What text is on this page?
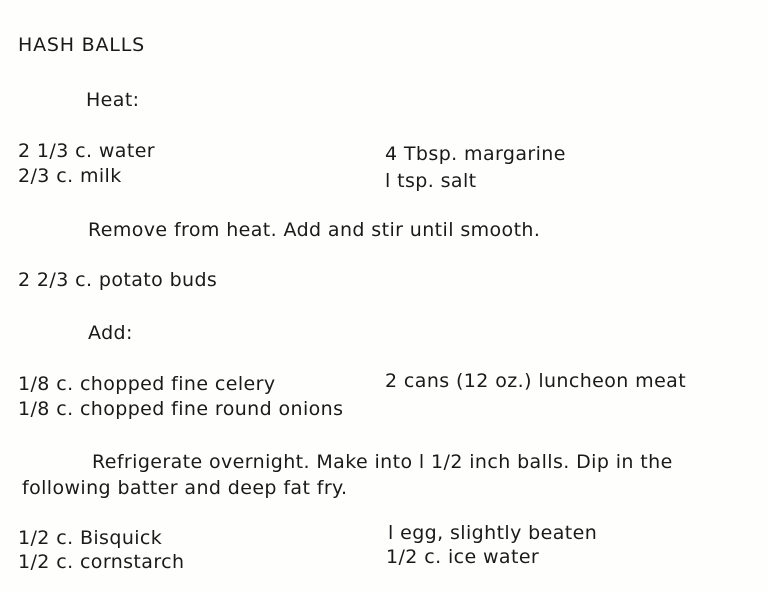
HASH BALLS
Heat:
2 1/3 c. water
2/3 c. milk
4 Tbsp. margarine
l tsp. salt
Remove from heat. Add and stir until smooth.
2 2/3 c. potato buds
Add:
1/8 c. chopped fine celery
1/8 c. chopped fine round onions
2 cans (12 oz.) luncheon meat
Refrigerate overnight. Make into l 1/2 inch balls. Dip in the
following batter and deep fat fry.
1/2 c. Bisquick
1/2 c. cornstarch
l egg, slightly beaten
1/2 c. ice water
